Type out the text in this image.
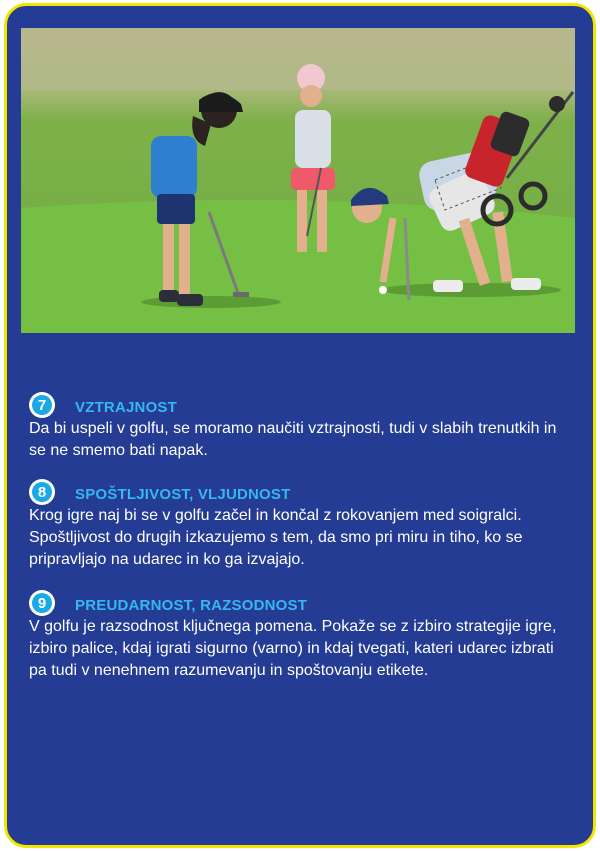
7	VZTRAJNOST
Da bi uspeli v golfu, se moramo naučiti vztrajnosti, tudi v slabih trenutkih in se ne smemo bati napak.
8	SPOŠTLJIVOST, VLJUDNOST
Krog igre naj bi se v golfu začel in končal z rokovanjem med soigralci. Spoštljivost do drugih izkazujemo s tem, da smo pri miru in tiho, ko se pripravljajo na udarec in ko ga izvajajo.
9	PREUDARNOST, RAZSODNOST
V golfu je razsodnost ključnega pomena. Pokaže se z izbiro strategije igre, izbiro palice, kdaj igrati sigurno (varno) in kdaj tvegati, kateri udarec izbrati pa tudi v nenehnem razumevanju in spoštovanju etikete.
